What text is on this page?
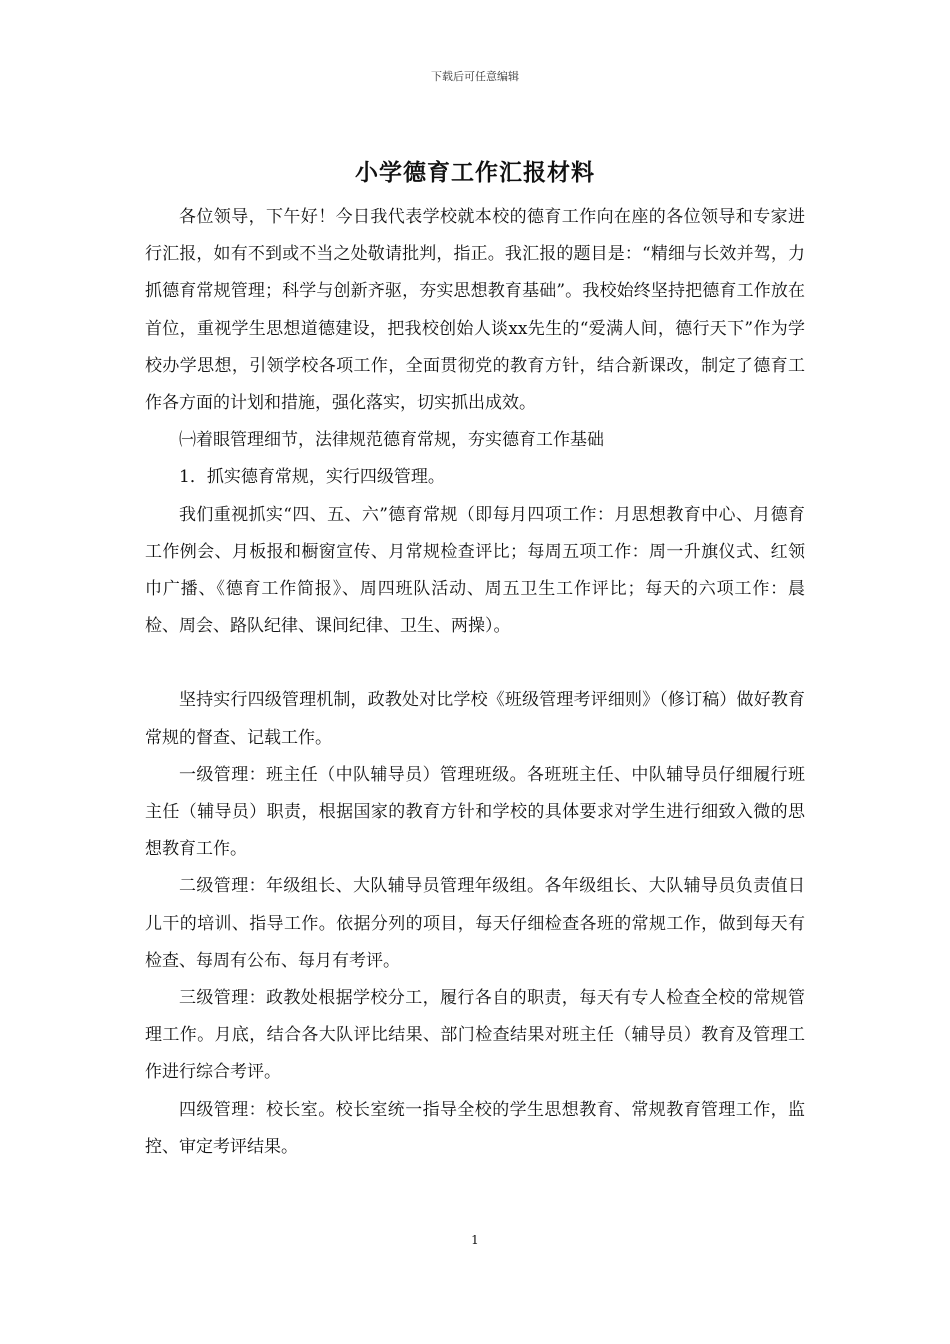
下载后可任意编辑
小学德育工作汇报材料

各位领导，下午好！今日我代表学校就本校的德育工作向在座的各位领导和专家进行汇报，如有不到或不当之处敬请批判，指正。我汇报的题目是：“精细与长效并驾，力抓德育常规管理；科学与创新齐驱，夯实思想教育基础”。我校始终坚持把德育工作放在首位，重视学生思想道德建设，把我校创始人谈xx先生的“爱满人间，德行天下”作为学校办学思想，引领学校各项工作，全面贯彻党的教育方针，结合新课改，制定了德育工作各方面的计划和措施，强化落实，切实抓出成效。

㈠着眼管理细节，法律规范德育常规，夯实德育工作基础

1．抓实德育常规，实行四级管理。

我们重视抓实“四、五、六”德育常规（即每月四项工作：月思想教育中心、月德育工作例会、月板报和橱窗宣传、月常规检查评比；每周五项工作：周一升旗仪式、红领巾广播、《德育工作简报》、周四班队活动、周五卫生工作评比；每天的六项工作：晨检、周会、路队纪律、课间纪律、卫生、两操）。

坚持实行四级管理机制，政教处对比学校《班级管理考评细则》（修订稿）做好教育常规的督查、记载工作。

一级管理：班主任（中队辅导员）管理班级。各班班主任、中队辅导员仔细履行班主任（辅导员）职责，根据国家的教育方针和学校的具体要求对学生进行细致入微的思想教育工作。

二级管理：年级组长、大队辅导员管理年级组。各年级组长、大队辅导员负责值日儿干的培训、指导工作。依据分列的项目，每天仔细检查各班的常规工作，做到每天有检查、每周有公布、每月有考评。

三级管理：政教处根据学校分工，履行各自的职责，每天有专人检查全校的常规管理工作。月底，结合各大队评比结果、部门检查结果对班主任（辅导员）教育及管理工作进行综合考评。

四级管理：校长室。校长室统一指导全校的学生思想教育、常规教育管理工作，监控、审定考评结果。

1
